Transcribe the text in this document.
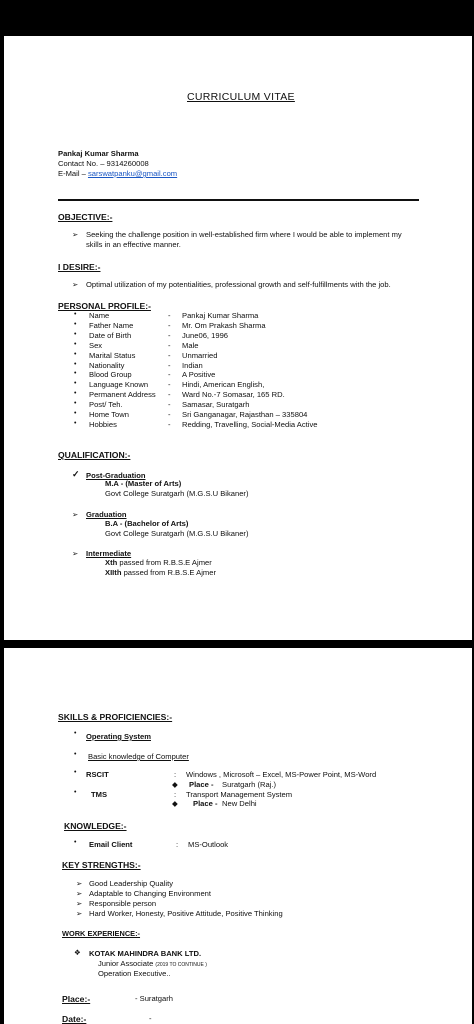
CURRICULUM VITAE
Pankaj Kumar Sharma
Contact No. – 9314260008
E-Mail – sarswatpanku@gmail.com
OBJECTIVE:-
➢ Seeking the challenge position in well-established firm where I would be able to implement my
skills in an effective manner.
I DESIRE:-
➢ Optimal utilization of my potentialities, professional growth and self-fulfillments with the job.
PERSONAL PROFILE:-
• Name	- Pankaj Kumar Sharma
• Father Name	- Mr. Om Prakash Sharma
• Date of Birth	- June06, 1996
• Sex	- Male
• Marital Status	- Unmarried
• Nationality	- Indian
• Blood Group	- A Positive
• Language Known	- Hindi, American English,
• Permanent Address - Ward No.-7 Somasar, 165 RD.
• Post/ Teh.	- Samasar, Suratgarh
• Home Town	- Sri Ganganagar, Rajasthan – 335804
• Hobbies	- Redding, Travelling, Social-Media Active
QUALIFICATION:-
✓ Post-Graduation
M.A - (Master of Arts)
Govt College Suratgarh (M.G.S.U Bikaner)
➢ Graduation
B.A - (Bachelor of Arts)
Govt College Suratgarh (M.G.S.U Bikaner)
➢ Intermediate
Xth passed from R.B.S.E Ajmer
XIIth passed from R.B.S.E Ajmer
SKILLS & PROFICIENCIES:-
• Operating System
• Basic knowledge of Computer
• RSCIT	: Windows , Microsoft – Excel, MS-Power Point, MS-Word
◆ Place - Suratgarh (Raj.)
• TMS	: Transport Management System
◆ Place - New Delhi
KNOWLEDGE:-
• Email Client	: MS-Outlook
KEY STRENGTHS:-
➢ Good Leadership Quality
➢ Adaptable to Changing Environment
➢ Responsible person
➢ Hard Worker, Honesty, Positive Attitude, Positive Thinking
WORK EXPERIENCE:-
❖ KOTAK MAHINDRA BANK LTD.
Junior Associate (2019 TO CONTINUE )
Operation Executive..
Place:-	- Suratgarh
Date:-	-
